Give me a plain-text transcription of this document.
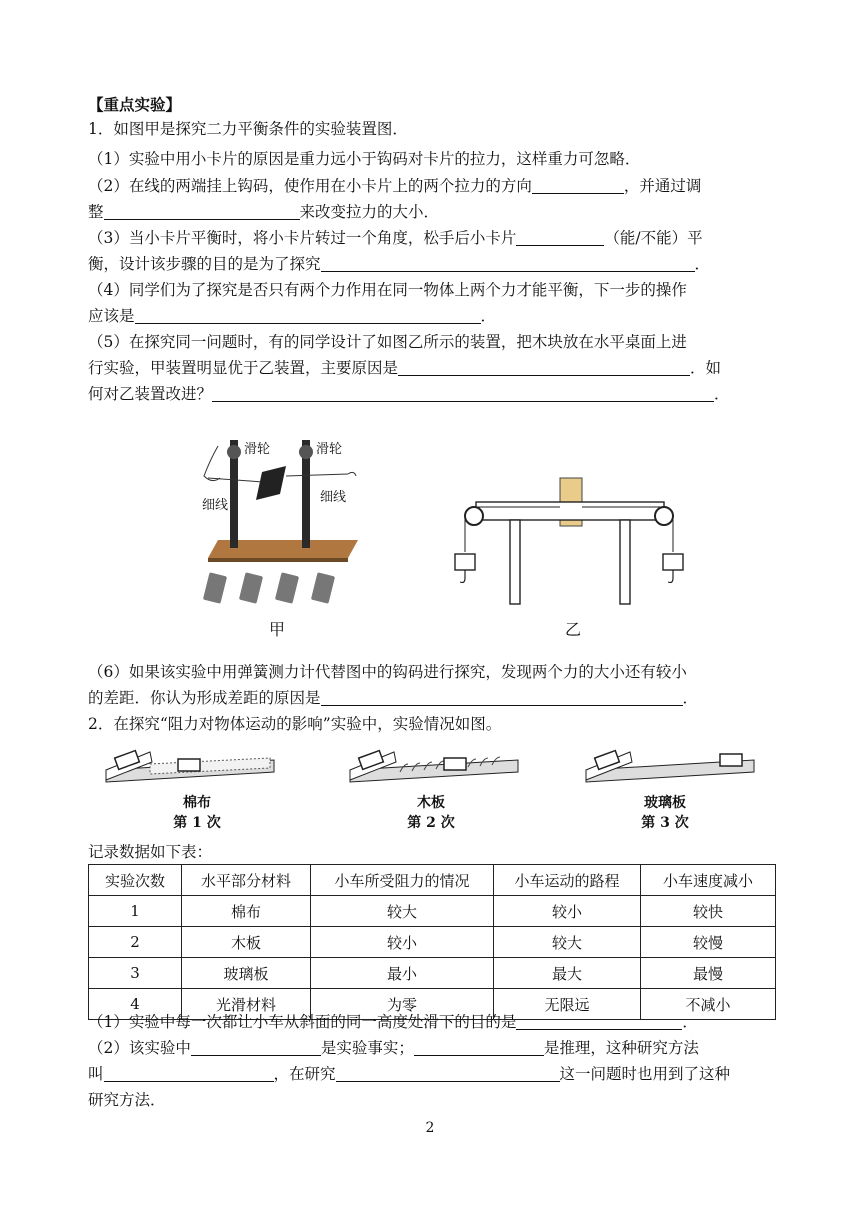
【重点实验】
1．如图甲是探究二力平衡条件的实验装置图．
（1）实验中用小卡片的原因是重力远小于钩码对卡片的拉力，这样重力可忽略．
（2）在线的两端挂上钩码，使作用在小卡片上的两个拉力的方向	，并通过调
整	来改变拉力的大小．
（3）当小卡片平衡时，将小卡片转过一个角度，松手后小卡片	（能/不能）平
衡，设计该步骤的目的是为了探究	．
（4）同学们为了探究是否只有两个力作用在同一物体上两个力才能平衡，下一步的操作
应该是	．
（5）在探究同一问题时，有的同学设计了如图乙所示的装置，把木块放在水平桌面上进
行实验，甲装置明显优于乙装置，主要原因是	．如
何对乙装置改进？	．
滑轮	滑轮
细线
细线
甲	乙
（6）如果该实验中用弹簧测力计代替图中的钩码进行探究，发现两个力的大小还有较小
的差距．你认为形成差距的原因是	．
2．在探究“阻力对物体运动的影响”实验中，实验情况如图。
棉布
第 1 次
木板
第 2 次
玻璃板
第 3 次
记录数据如下表：
实验次数	水平部分材料	小车所受阻力的情况	小车运动的路程	小车速度减小
1	棉布	较大	较小	较快
2	木板	较小	较大	较慢
3	玻璃板	最小	最大	最慢
4	光滑材料	为零	无限远	不减小
（1）实验中每一次都让小车从斜面的同一高度处滑下的目的是	．
（2）该实验中	是实验事实；	是推理，这种研究方法
叫	，在研究	这一问题时也用到了这种
研究方法．
2
